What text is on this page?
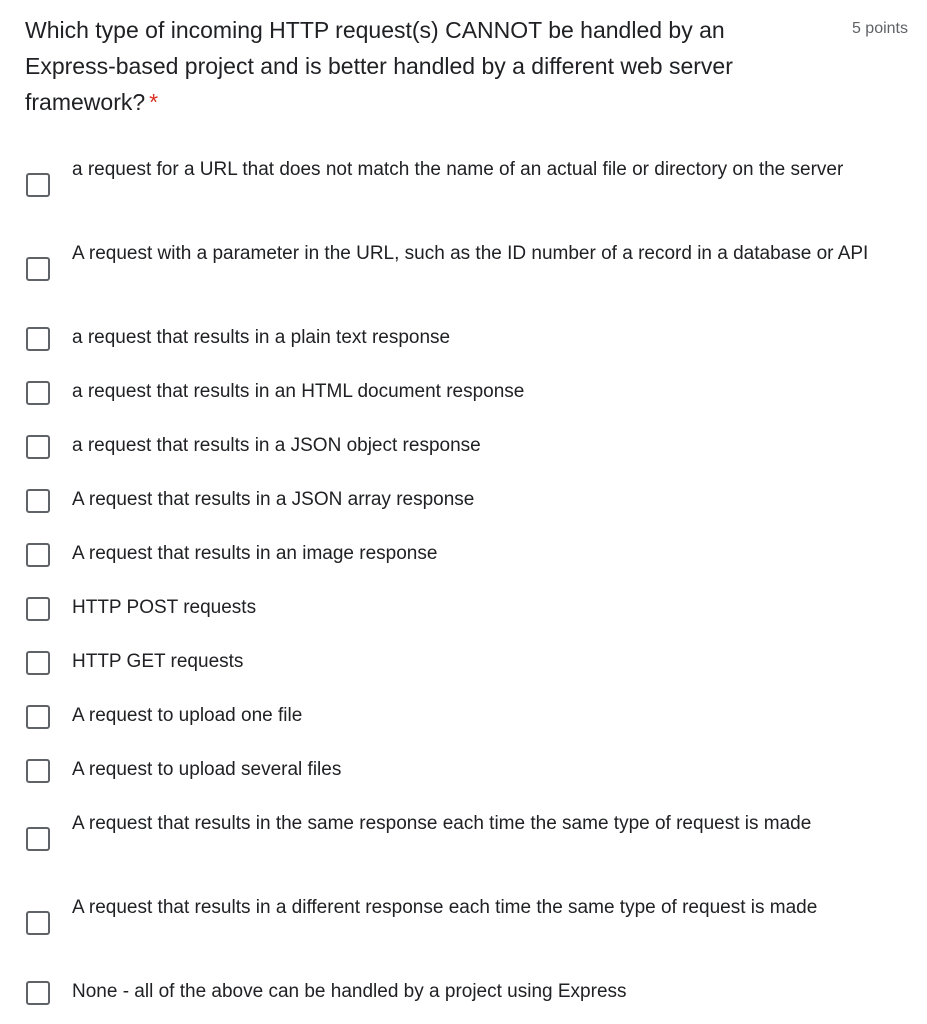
Which type of incoming HTTP request(s) CANNOT be handled by an Express-based project and is better handled by a different web server framework? *
5 points
a request for a URL that does not match the name of an actual file or directory on the server
A request with a parameter in the URL, such as the ID number of a record in a database or API
a request that results in a plain text response
a request that results in an HTML document response
a request that results in a JSON object response
A request that results in a JSON array response
A request that results in an image response
HTTP POST requests
HTTP GET requests
A request to upload one file
A request to upload several files
A request that results in the same response each time the same type of request is made
A request that results in a different response each time the same type of request is made
None - all of the above can be handled by a project using Express
